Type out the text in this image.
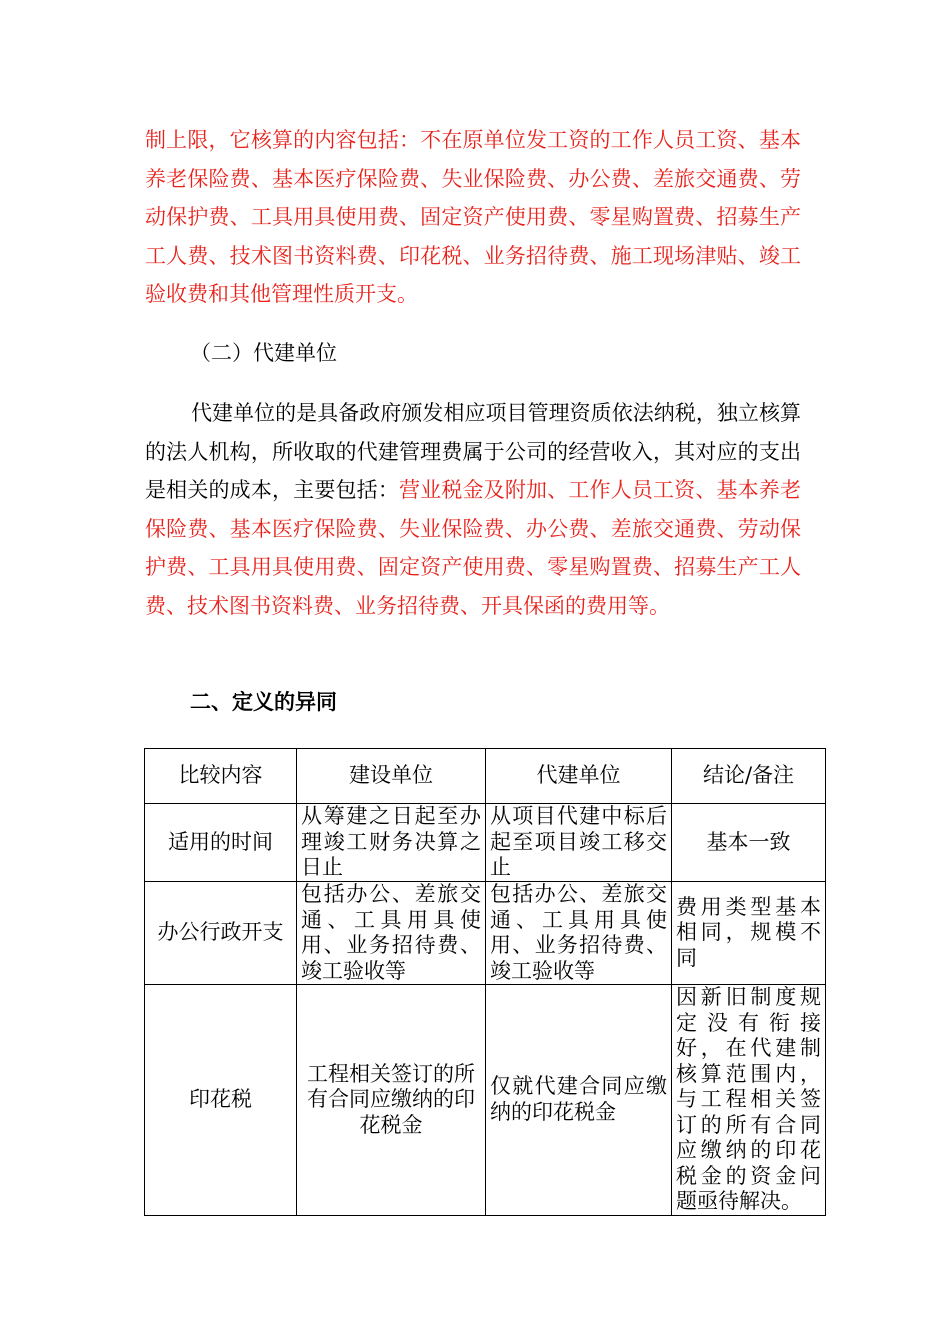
制上限，它核算的内容包括：不在原单位发工资的工作人员工资、基本养老保险费、基本医疗保险费、失业保险费、办公费、差旅交通费、劳动保护费、工具用具使用费、固定资产使用费、零星购置费、招募生产工人费、技术图书资料费、印花税、业务招待费、施工现场津贴、竣工验收费和其他管理性质开支。

（二）代建单位

代建单位的是具备政府颁发相应项目管理资质依法纳税，独立核算的法人机构，所收取的代建管理费属于公司的经营收入，其对应的支出是相关的成本，主要包括：营业税金及附加、工作人员工资、基本养老保险费、基本医疗保险费、失业保险费、办公费、差旅交通费、劳动保护费、工具用具使用费、固定资产使用费、零星购置费、招募生产工人费、技术图书资料费、业务招待费、开具保函的费用等。

二、定义的异同

比较内容	建设单位	代建单位	结论/备注
适用的时间	从筹建之日起至办理竣工财务决算之日止	从项目代建中标后起至项目竣工移交止	基本一致
办公行政开支	包括办公、差旅交通、工具用具使用、业务招待费、竣工验收等	包括办公、差旅交通、工具用具使用、业务招待费、竣工验收等	费用类型基本相同，规模不同
印花税	工程相关签订的所有合同应缴纳的印花税金	仅就代建合同应缴纳的印花税金	因新旧制度规定没有衔接好，在代建制核算范围内，与工程相关签订的所有合同应缴纳的印花税金的资金问题亟待解决。
